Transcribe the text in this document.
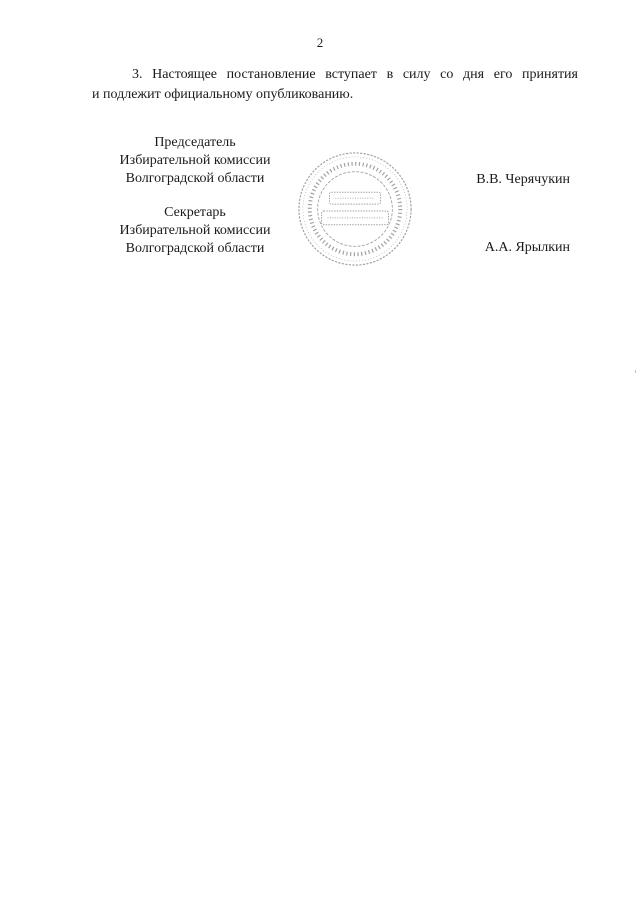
2
3. Настоящее постановление вступает в силу со дня его принятия
и подлежит официальному опубликованию.
Председатель
Избирательной комиссии
Волгоградской области	В.В. Черячукин
Секретарь
Избирательной комиссии
Волгоградской области	А.А. Ярылкин
